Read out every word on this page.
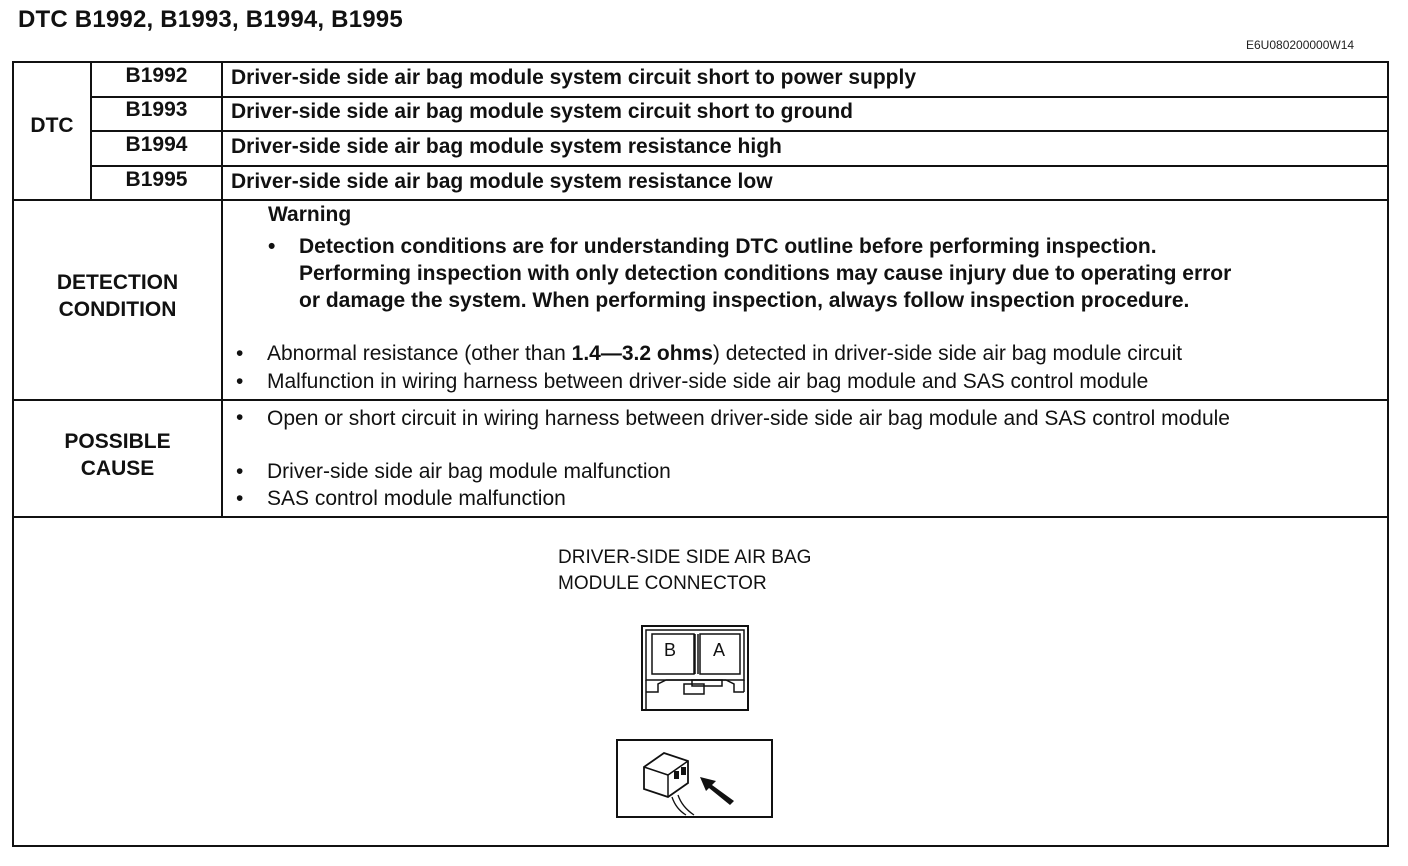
DTC B1992, B1993, B1994, B1995
E6U080200000W14
DTC
B1992	Driver-side side air bag module system circuit short to power supply
B1993	Driver-side side air bag module system circuit short to ground
B1994	Driver-side side air bag module system resistance high
B1995	Driver-side side air bag module system resistance low
DETECTION
CONDITION
Warning
• Detection conditions are for understanding DTC outline before performing inspection.
Performing inspection with only detection conditions may cause injury due to operating error
or damage the system. When performing inspection, always follow inspection procedure.
• Abnormal resistance (other than 1.4—3.2 ohms) detected in driver-side side air bag module circuit
• Malfunction in wiring harness between driver-side side air bag module and SAS control module
POSSIBLE
CAUSE
• Open or short circuit in wiring harness between driver-side side air bag module and SAS control module
• Driver-side side air bag module malfunction
• SAS control module malfunction
DRIVER-SIDE SIDE AIR BAG
MODULE CONNECTOR
B A
